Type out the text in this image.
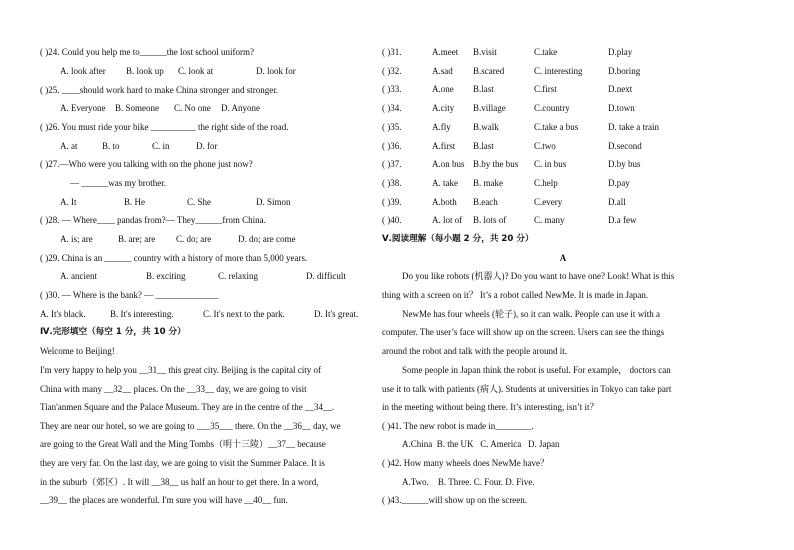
( )24. Could you help me to______the lost school uniform?
A. look after B. look up C. look at	D. look for
( )25. ____should work hard to make China stronger and stronger.
A. Everyone B. Someone C. No one D. Anyone
( )26. You must ride your bike __________ the right side of the road.
A. at	B. to	C. in	D. for
( )27.—Who were you talking with on the phone just now?
— ______was my brother.
A. It	B. He	C. She	D. Simon
( )28. — Where____ pandas from?— They______from China.
A. is; are	B. are; are C. do; are	D. do; are come
( )29. China is an ______ country with a history of more than 5,000 years.
A. ancient	B. exciting	C. relaxing	D. difficult
( )30. — Where is the bank? — ______________
A. It's black.	B. It's interesting.	C. It's next to the park.	D. It's great.
Ⅳ.完形填空（每空 1 分，共 10 分）
Welcome to Beijing!
I'm very happy to help you __31__ this great city. Beijing is the capital city of
China with many __32__ places. On the __33__ day, we are going to visit
Tian'anmen Square and the Palace Museum. They are in the centre of the __34__.
They are near our hotel, so we are going to ___35___ there. On the __36__ day, we
are going to the Great Wall and the Ming Tombs（明十三陵）__37__ because
they are very far. On the last day, we are going to visit the Summer Palace. It is
in the suburb（郊区）. It will __38__ us half an hour to get there. In a word,
__39__ the places are wonderful. I'm sure you will have __40__ fun.
( )31.	A.meet B.visit	C.take	D.play
( )32.	A.sad B.scared	C. interesting	D.boring
( )33.	A.one B.last	C.first	D.next
( )34.	A.city B.village	C.country	D.town
( )35.	A.fly B.walk	C.take a bus	D. take a train
( )36.	A.first B.last	C.two	D.second
( )37.	A.on bus B.by the bus C. in bus	D.by bus
( )38.	A. take B. make	C.help	D.pay
( )39.	A.both B.each	C.every	D.all
( )40.	A. lot of B. lots of	C. many	D.a few
Ⅴ.阅读理解（每小题 2 分，共 20 分）
A
Do you like robots (机器人)? Do you want to have one? Look! What is this
thing with a screen on it？ It’s a robot called NewMe. It is made in Japan.
NewMe has four wheels (轮子), so it can walk. People can use it with a
computer. The user’s face will show up on the screen. Users can see the things
around the robot and talk with the people around it.
Some people in Japan think the robot is useful. For example， doctors can
use it to talk with patients (病人). Students at universities in Tokyo can take part
in the meeting without being there. It’s interesting, isn’t it？
( )41. The new robot is made in________.
A.China  B. the UK   C. America   D. Japan
( )42. How many wheels does NewMe have？
A.Two.    B. Three. C. Four. D. Five.
( )43.______will show up on the screen.
